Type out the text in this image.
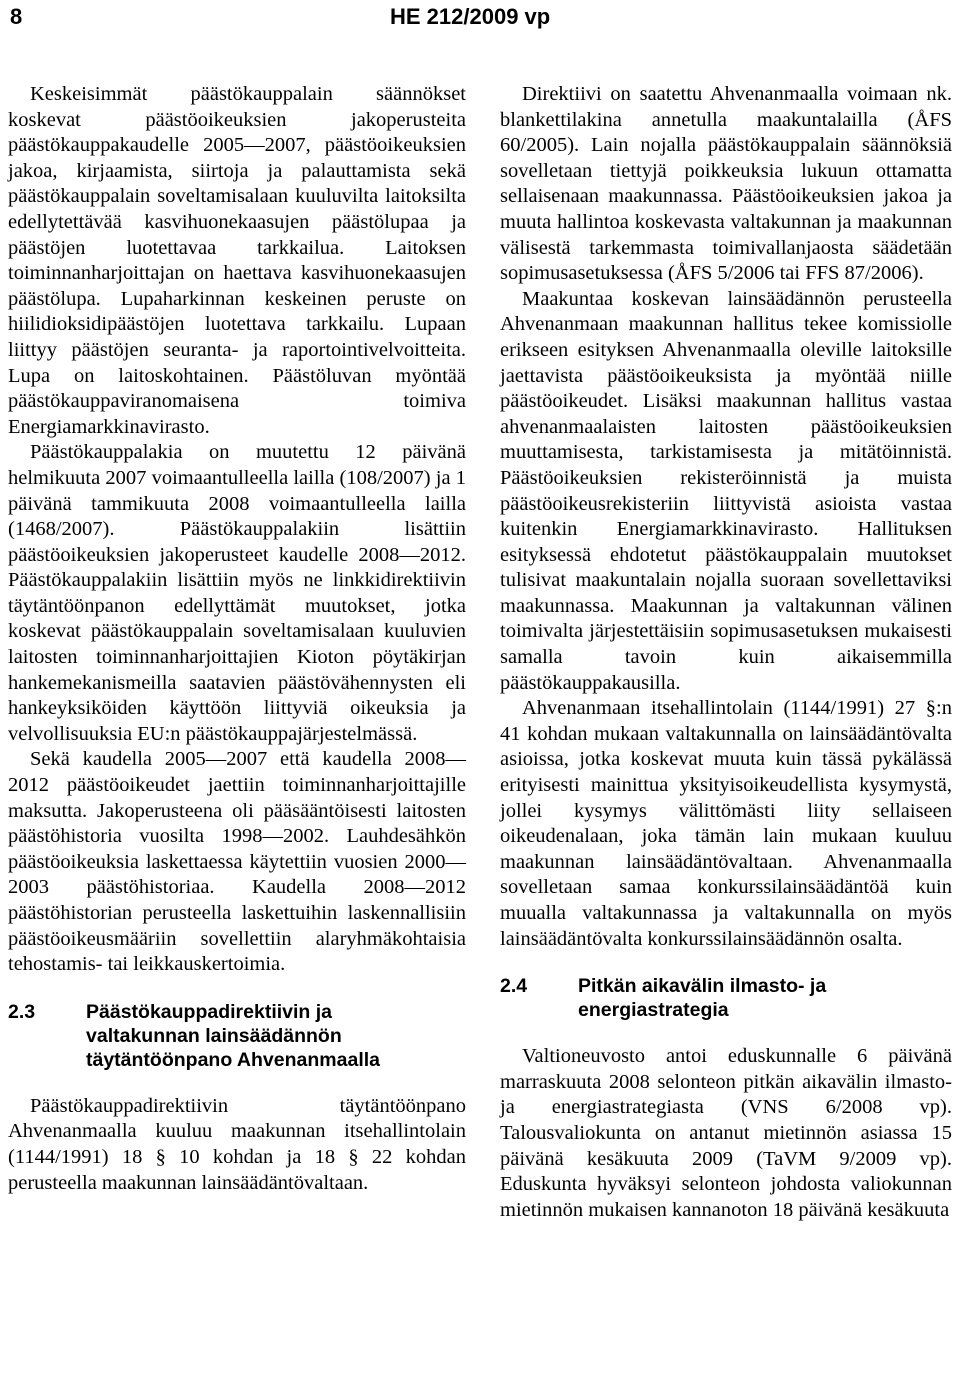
8	HE 212/2009 vp

Keskeisimmät päästökauppalain säännökset koskevat päästöoikeuksien jakoperusteita päästökauppakaudelle 2005—2007, päästöoikeuksien jakoa, kirjaamista, siirtoja ja palauttamista sekä päästökauppalain soveltamisalaan kuuluvilta laitoksilta edellytettävää kasvihuonekaasujen päästölupaa ja päästöjen luotettavaa tarkkailua. Laitoksen toiminnanharjoittajan on haettava kasvihuonekaasujen päästölupa. Lupaharkinnan keskeinen peruste on hiilidioksidipäästöjen luotettava tarkkailu. Lupaan liittyy päästöjen seuranta- ja raportointivelvoitteita. Lupa on laitoskohtainen. Päästöluvan myöntää päästökauppaviranomaisena toimiva Energiamarkkinavirasto.

Päästökauppalakia on muutettu 12 päivänä helmikuuta 2007 voimaantulleella lailla (108/2007) ja 1 päivänä tammikuuta 2008 voimaantulleella lailla (1468/2007). Päästökauppalakiin lisättiin päästöoikeuksien jakoperusteet kaudelle 2008—2012. Päästökauppalakiin lisättiin myös ne linkkidirektiivin täytäntöönpanon edellyttämät muutokset, jotka koskevat päästökauppalain soveltamisalaan kuuluvien laitosten toiminnanharjoittajien Kioton pöytäkirjan hankemekanismeilla saatavien päästövähennysten eli hankeyksiköiden käyttöön liittyviä oikeuksia ja velvollisuuksia EU:n päästökauppajärjestelmässä.

Sekä kaudella 2005—2007 että kaudella 2008—2012 päästöoikeudet jaettiin toiminnanharjoittajille maksutta. Jakoperusteena oli pääsääntöisesti laitosten päästöhistoria vuosilta 1998—2002. Lauhdesähkön päästöoikeuksia laskettaessa käytettiin vuosien 2000—2003 päästöhistoriaa. Kaudella 2008—2012 päästöhistorian perusteella laskettuihin laskennallisiin päästöoikeusmääriin sovellettiin alaryhmäkohtaisia tehostamis- tai leikkauskertoimia.

2.3	Päästökauppadirektiivin ja valtakunnan lainsäädännön täytäntöönpano Ahvenanmaalla

Päästökauppadirektiivin täytäntöönpano Ahvenanmaalla kuuluu maakunnan itsehallintolain (1144/1991) 18 § 10 kohdan ja 18 § 22 kohdan perusteella maakunnan lainsäädäntövaltaan.

Direktiivi on saatettu Ahvenanmaalla voimaan nk. blankettilakina annetulla maakuntalailla (ÅFS 60/2005). Lain nojalla päästökauppalain säännöksiä sovelletaan tiettyjä poikkeuksia lukuun ottamatta sellaisenaan maakunnassa. Päästöoikeuksien jakoa ja muuta hallintoa koskevasta valtakunnan ja maakunnan välisestä tarkemmasta toimivallanjaosta säädetään sopimusasetuksessa (ÅFS 5/2006 tai FFS 87/2006).

Maakuntaa koskevan lainsäädännön perusteella Ahvenanmaan maakunnan hallitus tekee komissiolle erikseen esityksen Ahvenanmaalla oleville laitoksille jaettavista päästöoikeuksista ja myöntää niille päästöoikeudet. Lisäksi maakunnan hallitus vastaa ahvenanmaalaisten laitosten päästöoikeuksien muuttamisesta, tarkistamisesta ja mitätöinnistä. Päästöoikeuksien rekisteröinnistä ja muista päästöoikeusrekisteriin liittyvistä asioista vastaa kuitenkin Energiamarkkinavirasto. Hallituksen esityksessä ehdotetut päästökauppalain muutokset tulisivat maakuntalain nojalla suoraan sovellettaviksi maakunnassa. Maakunnan ja valtakunnan välinen toimivalta järjestettäisiin sopimusasetuksen mukaisesti samalla tavoin kuin aikaisemmilla päästökauppakausilla.

Ahvenanmaan itsehallintolain (1144/1991) 27 §:n 41 kohdan mukaan valtakunnalla on lainsäädäntövalta asioissa, jotka koskevat muuta kuin tässä pykälässä erityisesti mainittua yksityisoikeudellista kysymystä, jollei kysymys välittömästi liity sellaiseen oikeudenalaan, joka tämän lain mukaan kuuluu maakunnan lainsäädäntövaltaan. Ahvenanmaalla sovelletaan samaa konkurssilainsäädäntöä kuin muualla valtakunnassa ja valtakunnalla on myös lainsäädäntövalta konkurssilainsäädännön osalta.

2.4	Pitkän aikavälin ilmasto- ja energiastrategia

Valtioneuvosto antoi eduskunnalle 6 päivänä marraskuuta 2008 selonteon pitkän aikavälin ilmasto- ja energiastrategiasta (VNS 6/2008 vp). Talousvaliokunta on antanut mietinnön asiassa 15 päivänä kesäkuuta 2009 (TaVM 9/2009 vp). Eduskunta hyväksyi selonteon johdosta valiokunnan mietinnön mukaisen kannanoton 18 päivänä kesäkuuta
